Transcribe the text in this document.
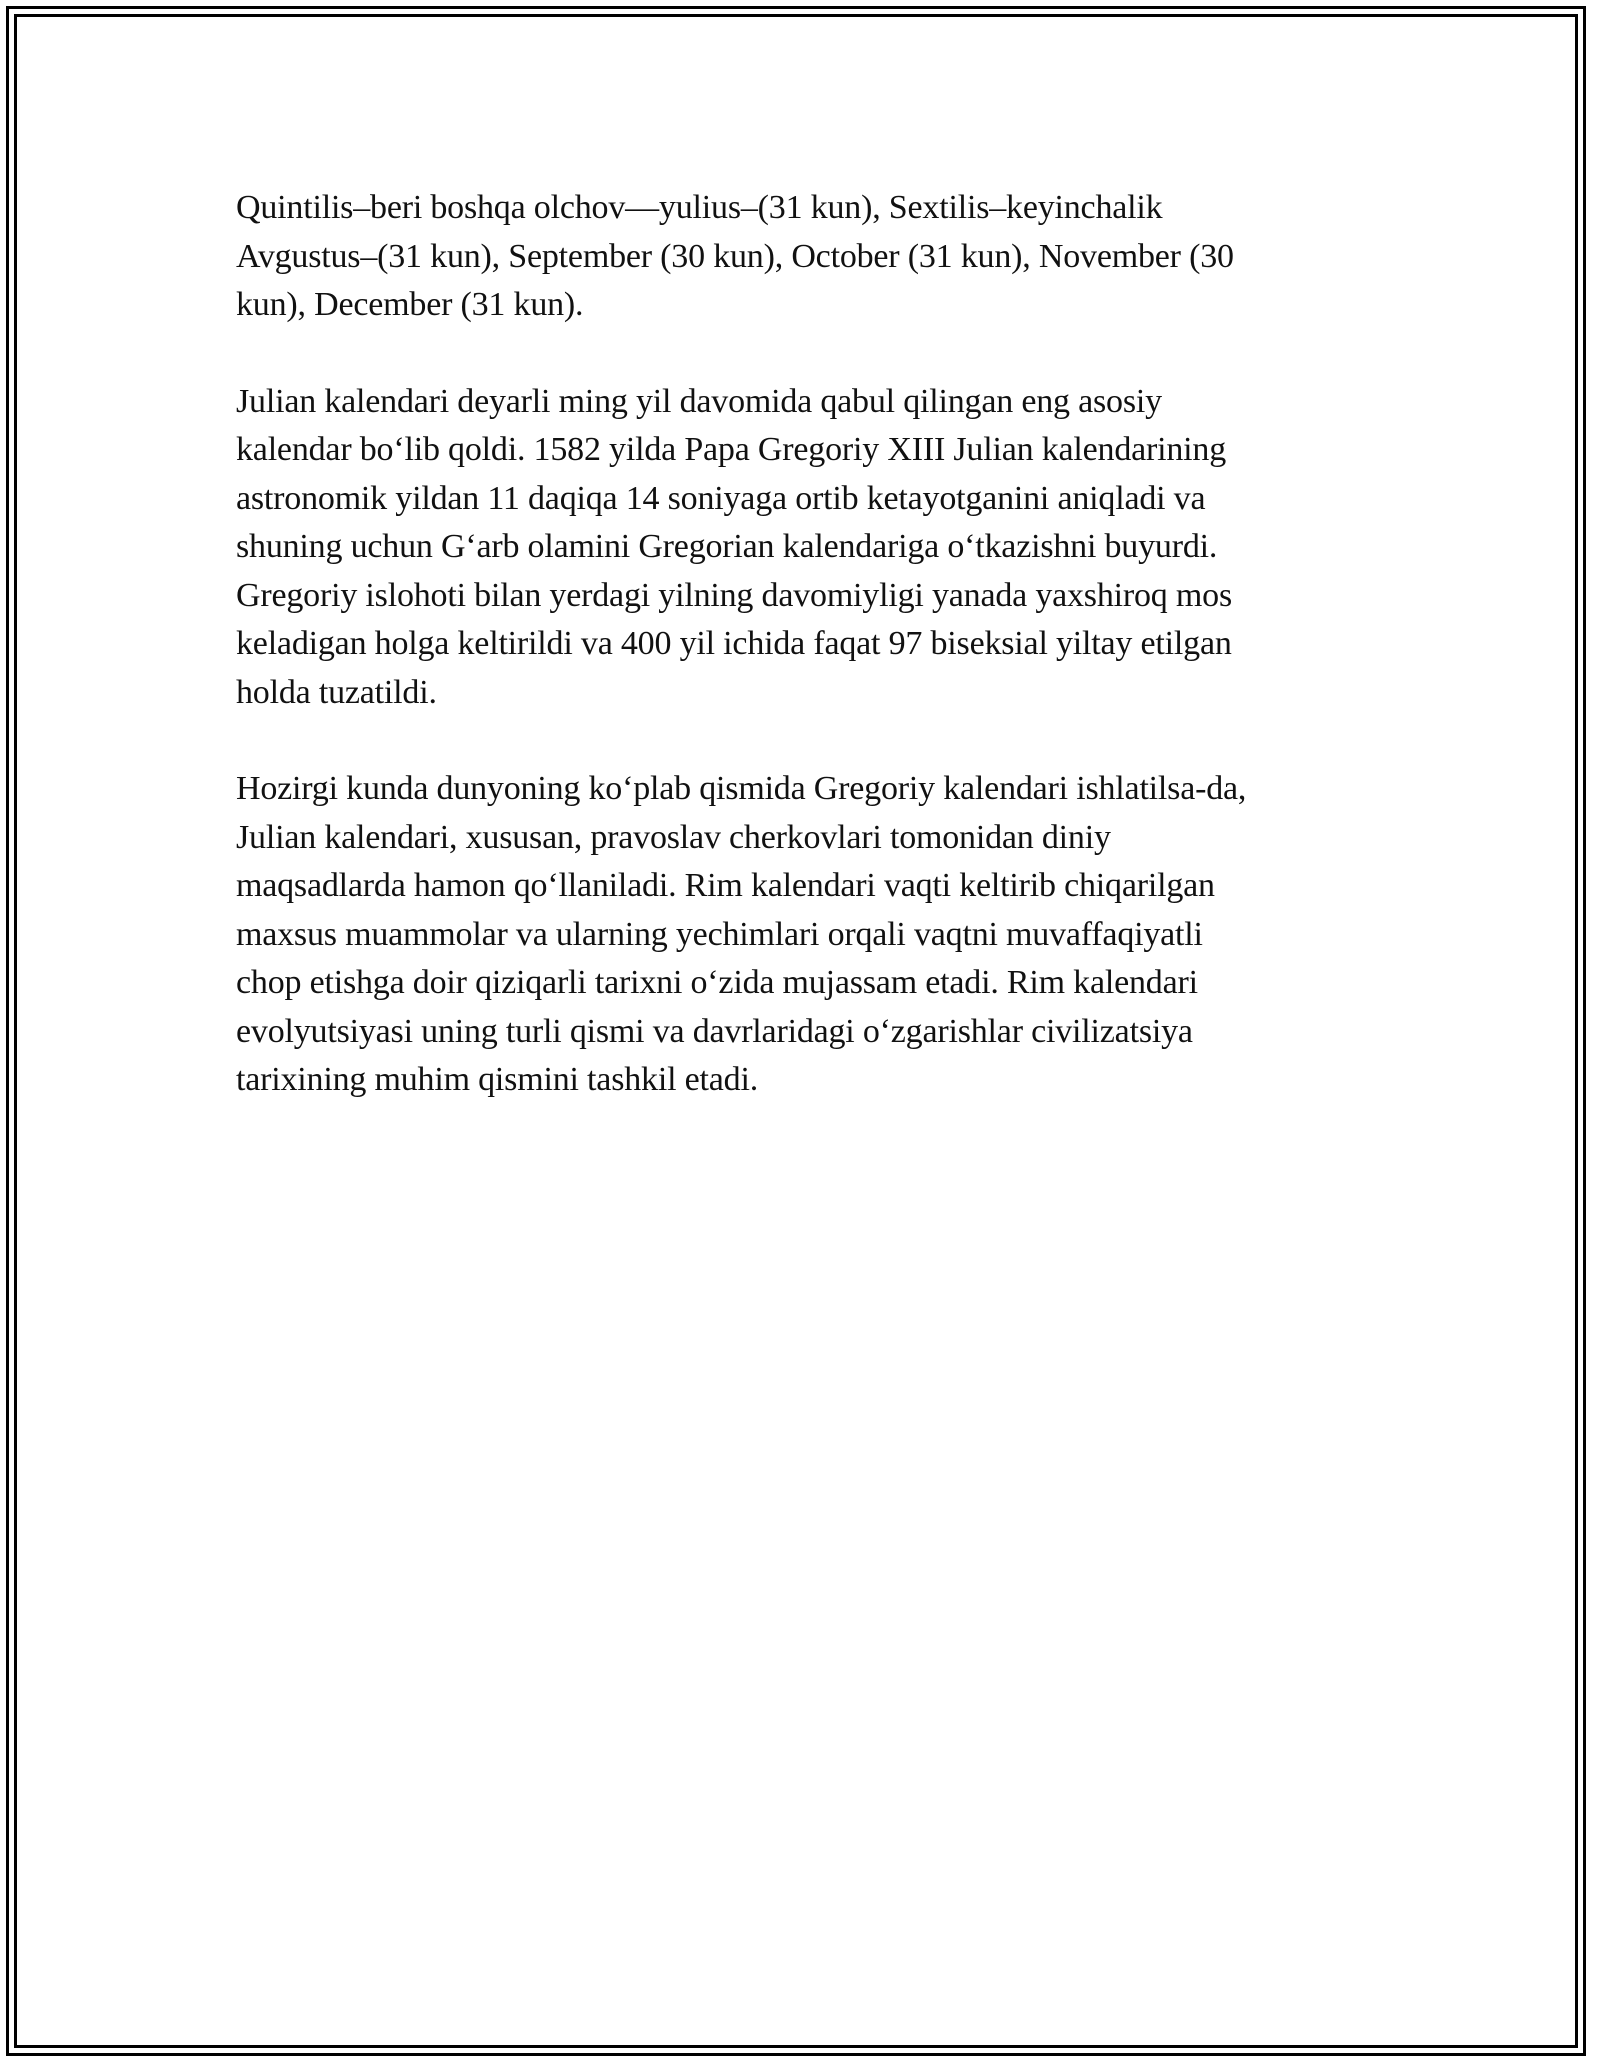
Quintilis–beri boshqa olchov—yulius–(31 kun), Sextilis–keyinchalik
Avgustus–(31 kun), September (30 kun), October (31 kun), November (30
kun), December (31 kun).

Julian kalendari deyarli ming yil davomida qabul qilingan eng asosiy
kalendar bo‘lib qoldi. 1582 yilda Papa Gregoriy XIII Julian kalendarining
astronomik yildan 11 daqiqa 14 soniyaga ortib ketayotganini aniqladi va
shuning uchun G‘arb olamini Gregorian kalendariga o‘tkazishni buyurdi.
Gregoriy islohoti bilan yerdagi yilning davomiyligi yanada yaxshiroq mos
keladigan holga keltirildi va 400 yil ichida faqat 97 biseksial yiltay etilgan
holda tuzatildi.

Hozirgi kunda dunyoning ko‘plab qismida Gregoriy kalendari ishlatilsa-da,
Julian kalendari, xususan, pravoslav cherkovlari tomonidan diniy
maqsadlarda hamon qo‘llaniladi. Rim kalendari vaqti keltirib chiqarilgan
maxsus muammolar va ularning yechimlari orqali vaqtni muvaffaqiyatli
chop etishga doir qiziqarli tarixni o‘zida mujassam etadi. Rim kalendari
evolyutsiyasi uning turli qismi va davrlaridagi o‘zgarishlar civilizatsiya
tarixining muhim qismini tashkil etadi.
